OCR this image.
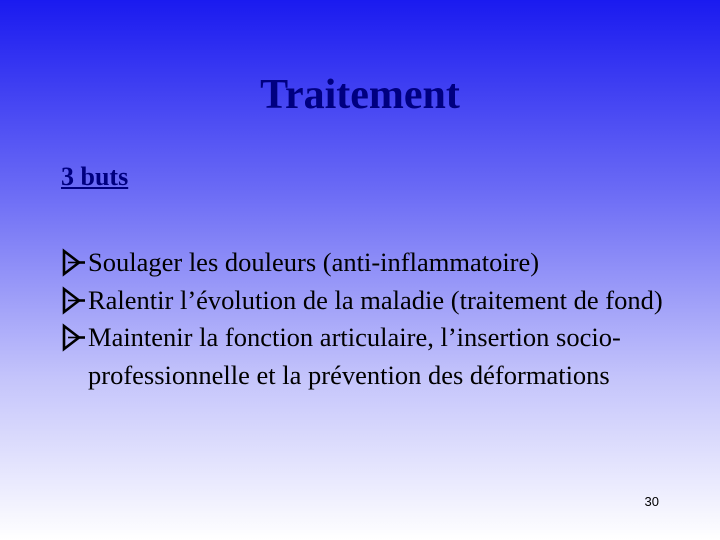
Traitement
3 buts
Soulager les douleurs (anti-inflammatoire)
Ralentir l’évolution de la maladie (traitement de fond)
Maintenir la fonction articulaire, l’insertion socio-professionnelle et la prévention des déformations
30
